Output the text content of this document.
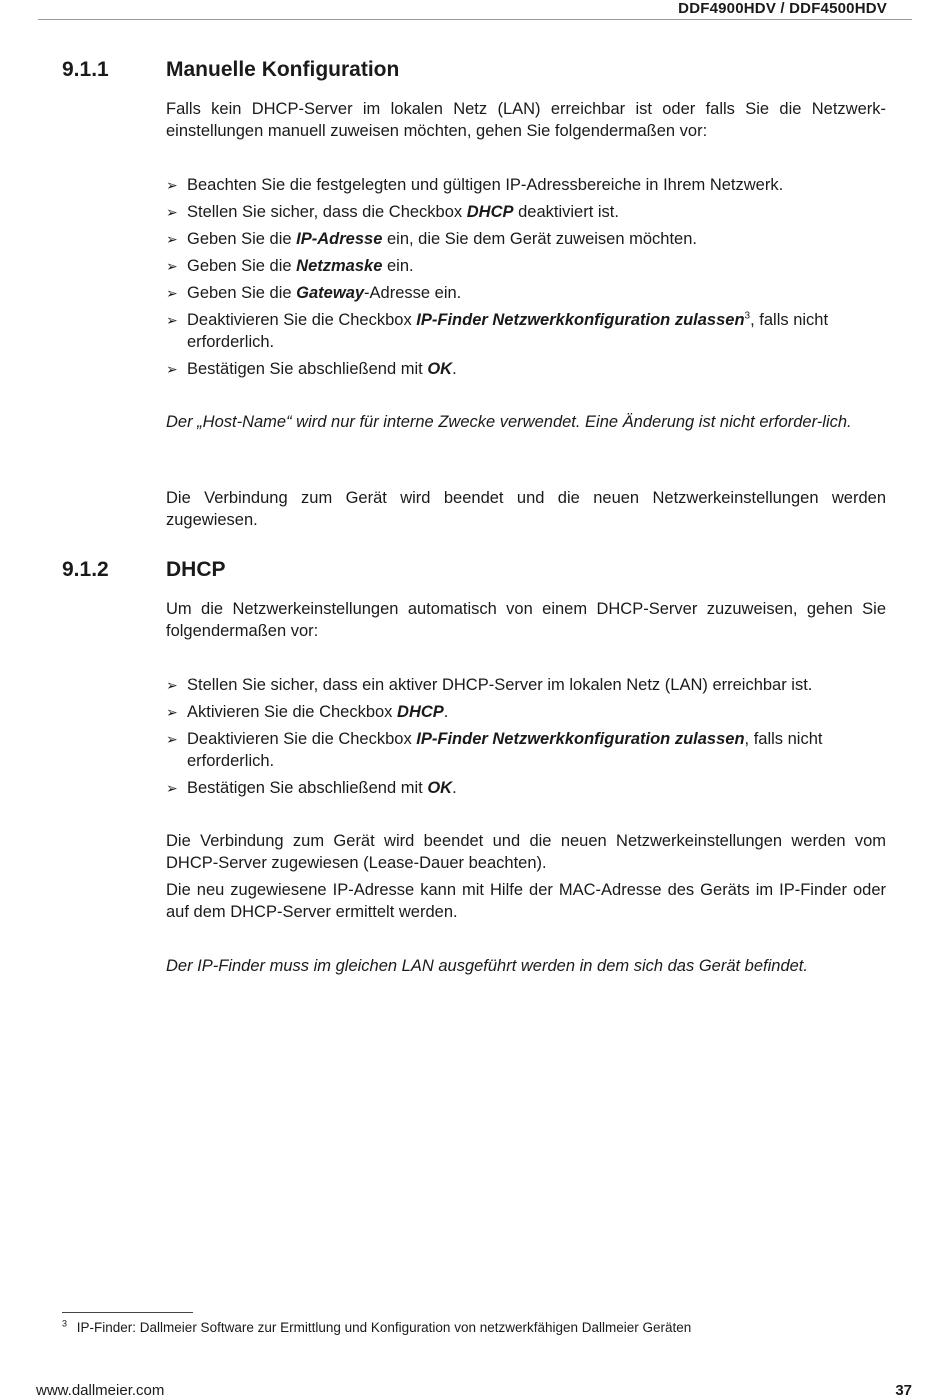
DDF4900HDV / DDF4500HDV
9.1.1	Manuelle Konfiguration
Falls kein DHCP-Server im lokalen Netz (LAN) erreichbar ist oder falls Sie die Netzwerk-einstellungen manuell zuweisen möchten, gehen Sie folgendermaßen vor:
➢ Beachten Sie die festgelegten und gültigen IP-Adressbereiche in Ihrem Netzwerk.
➢ Stellen Sie sicher, dass die Checkbox DHCP deaktiviert ist.
➢ Geben Sie die IP-Adresse ein, die Sie dem Gerät zuweisen möchten.
➢ Geben Sie die Netzmaske ein.
➢ Geben Sie die Gateway-Adresse ein.
➢ Deaktivieren Sie die Checkbox IP-Finder Netzwerkkonfiguration zulassen$^3$, falls nicht erforderlich.
➢ Bestätigen Sie abschließend mit OK.
Der „Host-Name“ wird nur für interne Zwecke verwendet. Eine Änderung ist nicht erforder-lich.
Die Verbindung zum Gerät wird beendet und die neuen Netzwerkeinstellungen werden zugewiesen.
9.1.2	DHCP
Um die Netzwerkeinstellungen automatisch von einem DHCP-Server zuzuweisen, gehen Sie folgendermaßen vor:
➢ Stellen Sie sicher, dass ein aktiver DHCP-Server im lokalen Netz (LAN) erreichbar ist.
➢ Aktivieren Sie die Checkbox DHCP.
➢ Deaktivieren Sie die Checkbox IP-Finder Netzwerkkonfiguration zulassen, falls nicht erforderlich.
➢ Bestätigen Sie abschließend mit OK.
Die Verbindung zum Gerät wird beendet und die neuen Netzwerkeinstellungen werden vom DHCP-Server zugewiesen (Lease-Dauer beachten).
Die neu zugewiesene IP-Adresse kann mit Hilfe der MAC-Adresse des Geräts im IP-Finder oder auf dem DHCP-Server ermittelt werden.
Der IP-Finder muss im gleichen LAN ausgeführt werden in dem sich das Gerät befindet.
$^3$ IP-Finder: Dallmeier Software zur Ermittlung und Konfiguration von netzwerkfähigen Dallmeier Geräten
www.dallmeier.com	37
